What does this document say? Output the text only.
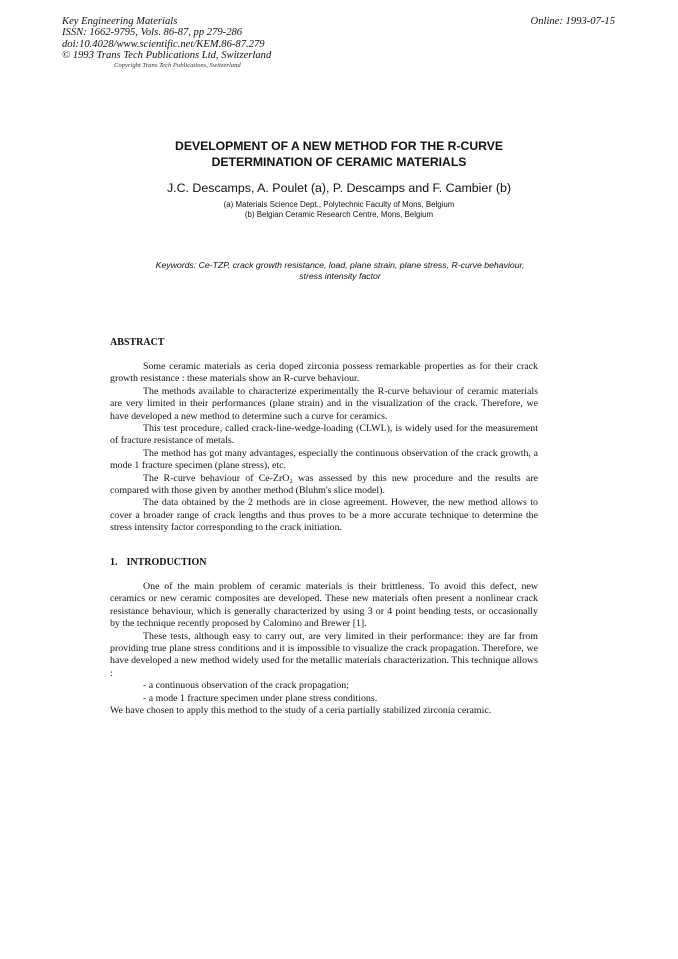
Key Engineering Materials
ISSN: 1662-9795, Vols. 86-87, pp 279-286
doi:10.4028/www.scientific.net/KEM.86-87.279
© 1993 Trans Tech Publications Ltd, Switzerland
Copyright Trans Tech Publications, Switzerland
Online: 1993-07-15
DEVELOPMENT OF A NEW METHOD FOR THE R-CURVE
DETERMINATION OF CERAMIC MATERIALS
J.C. Descamps, A. Poulet (a), P. Descamps and F. Cambier (b)
(a) Materials Science Dept., Polytechnic Faculty of Mons, Belgium
(b) Belgian Ceramic Research Centre, Mons, Belgium
Keywords: Ce-TZP, crack growth resistance, load, plane strain, plane stress, R-curve behaviour,
stress intensity factor
ABSTRACT
Some ceramic materials as ceria doped zirconia possess remarkable properties as for their crack growth resistance : these materials show an R-curve behaviour.
The methods available to characterize experimentally the R-curve behaviour of ceramic materials are very limited in their performances (plane strain) and in the visualization of the crack. Therefore, we have developed a new method to determine such a curve for ceramics.
This test procedure, called crack-line-wedge-loading (CLWL), is widely used for the measurement of fracture resistance of metals.
The method has got many advantages, especially the continuous observation of the crack growth, a mode 1 fracture specimen (plane stress), etc.
The R-curve behaviour of Ce-ZrO₂ was assessed by this new procedure and the results are compared with those given by another method (Bluhm's slice model).
The data obtained by the 2 methods are in close agreement. However, the new method allows to cover a broader range of crack lengths and thus proves to be a more accurate technique to determine the stress intensity factor corresponding to the crack initiation.
1. INTRODUCTION
One of the main problem of ceramic materials is their brittleness. To avoid this defect, new ceramics or new ceramic composites are developed. These new materials often present a nonlinear crack resistance behaviour, which is generally characterized by using 3 or 4 point bending tests, or occasionally by the technique recently proposed by Calomino and Brewer [1].
These tests, although easy to carry out, are very limited in their performance: they are far from providing true plane stress conditions and it is impossible to visualize the crack propagation. Therefore, we have developed a new method widely used for the metallic materials characterization. This technique allows :
- a continuous observation of the crack propagation;
- a mode 1 fracture specimen under plane stress conditions.
We have chosen to apply this method to the study of a ceria partially stabilized zirconia ceramic.
